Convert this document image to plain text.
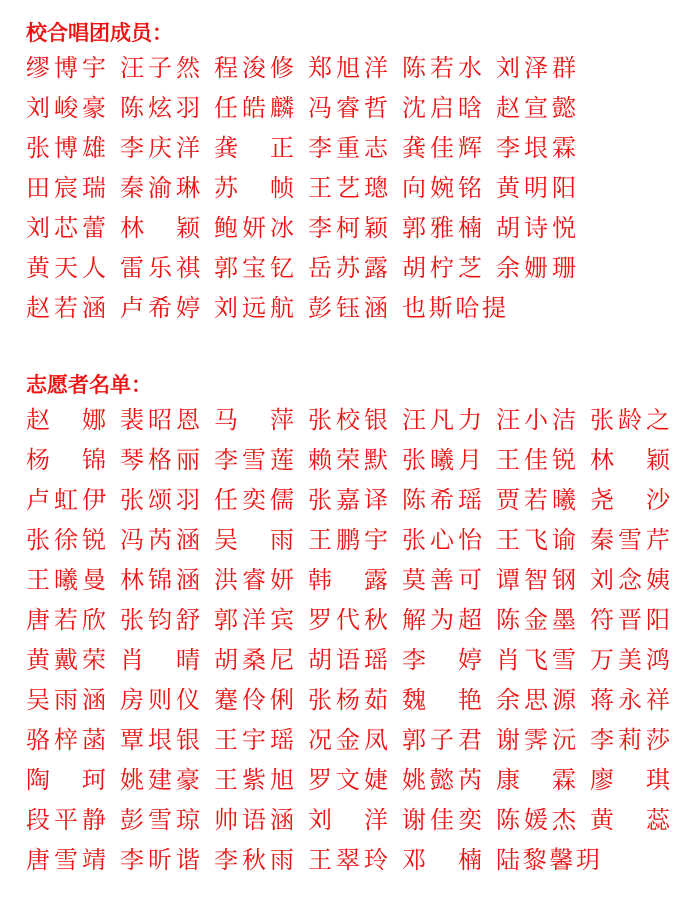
校合唱团成员：
缪博宇 汪子然 程浚修 郑旭洋 陈若水 刘泽群
刘峻豪 陈炫羽 任皓麟 冯睿哲 沈启晗 赵宣懿
张博雄 李庆洋 龚　正 李重志 龚佳辉 李垠霖
田宸瑞 秦渝琳 苏　帧 王艺璁 向婉铭 黄明阳
刘芯蕾 林　颖 鲍妍冰 李柯颖 郭雅楠 胡诗悦
黄天人 雷乐祺 郭宝钇 岳苏露 胡柠芝 余姗珊
赵若涵 卢希婷 刘远航 彭钰涵 也斯哈提
志愿者名单：
赵　娜 裴昭恩 马　萍 张校银 汪凡力 汪小洁 张龄之
杨　锦 琴格丽 李雪莲 赖荣默 张曦月 王佳锐 林　颖
卢虹伊 张颂羽 任奕儒 张嘉译 陈希瑶 贾若曦 尧　沙
张徐锐 冯芮涵 吴　雨 王鹏宇 张心怡 王飞谕 秦雪芹
王曦曼 林锦涵 洪睿妍 韩　露 莫善可 谭智钢 刘念姨
唐若欣 张钧舒 郭洋宾 罗代秋 解为超 陈金墨 符晋阳
黄戴荣 肖　晴 胡桑尼 胡语瑶 李　婷 肖飞雪 万美鸿
吴雨涵 房则仪 蹇伶俐 张杨茹 魏　艳 余思源 蒋永祥
骆梓菡 覃垠银 王宇瑶 况金凤 郭子君 谢霁沅 李莉莎
陶　珂 姚建豪 王紫旭 罗文婕 姚懿芮 康　霖 廖　琪
段平静 彭雪琼 帅语涵 刘　洋 谢佳奕 陈媛杰 黄　蕊
唐雪靖 李昕谐 李秋雨 王翠玲 邓　楠 陆黎馨玥
